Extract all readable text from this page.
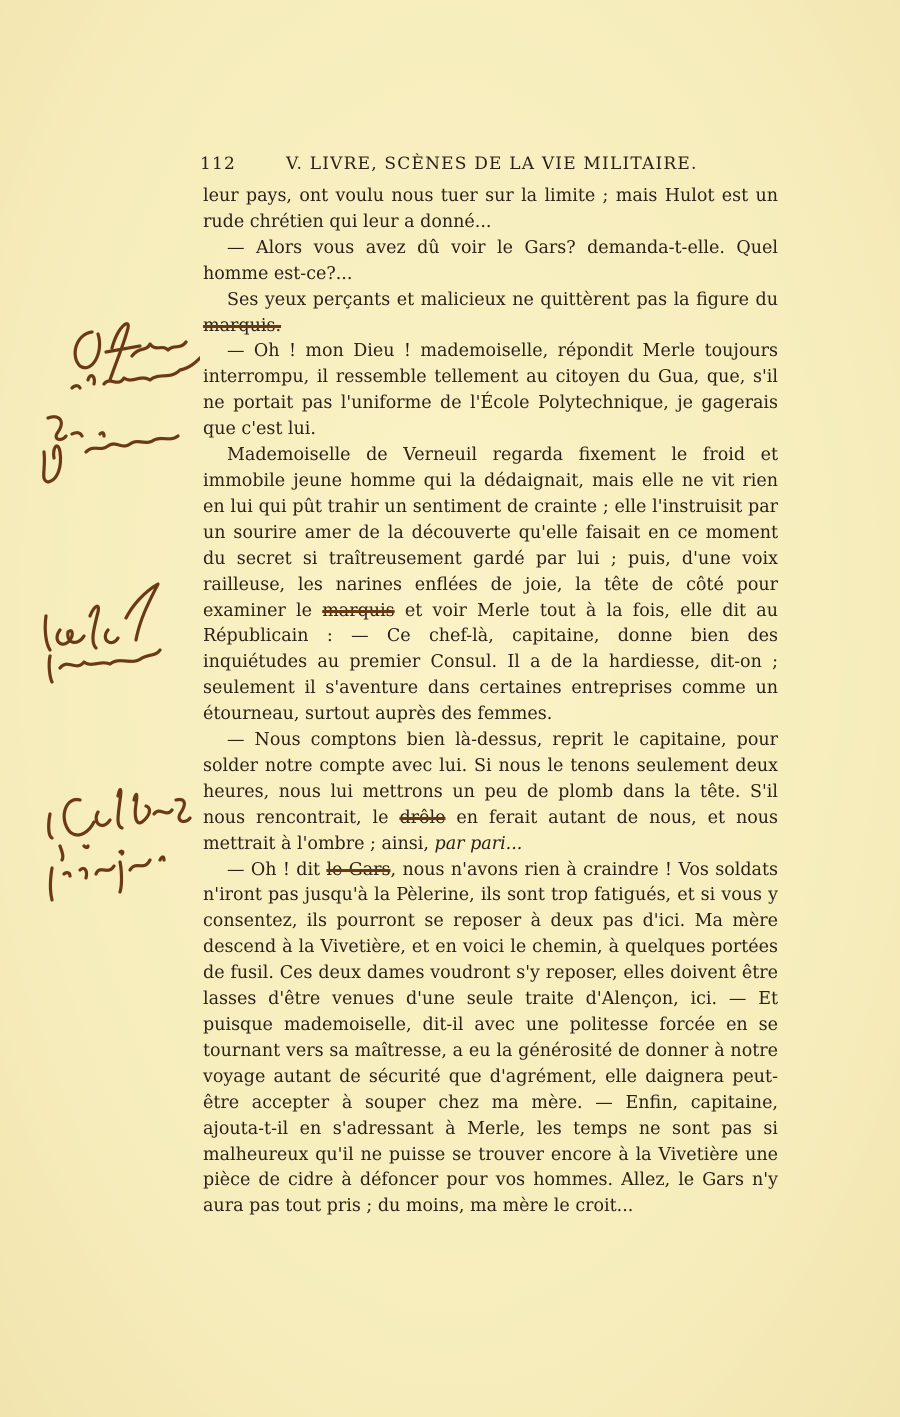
112	V. LIVRE, SCÈNES DE LA VIE MILITAIRE.

leur pays, ont voulu nous tuer sur la limite ; mais Hulot est un rude chrétien qui leur a donné...

— Alors vous avez dû voir le Gars? demanda-t-elle. Quel homme est-ce?...

Ses yeux perçants et malicieux ne quittèrent pas la figure du marquis.

— Oh ! mon Dieu ! mademoiselle, répondit Merle toujours interrompu, il ressemble tellement au citoyen du Gua, que, s'il ne portait pas l'uniforme de l'École Polytechnique, je gagerais que c'est lui.

Mademoiselle de Verneuil regarda fixement le froid et immobile jeune homme qui la dédaignait, mais elle ne vit rien en lui qui pût trahir un sentiment de crainte ; elle l'instruisit par un sourire amer de la découverte qu'elle faisait en ce moment du secret si traîtreusement gardé par lui ; puis, d'une voix railleuse, les narines enflées de joie, la tête de côté pour examiner le marquis et voir Merle tout à la fois, elle dit au Républicain : — Ce chef-là, capitaine, donne bien des inquiétudes au premier Consul. Il a de la hardiesse, dit-on ; seulement il s'aventure dans certaines entreprises comme un étourneau, surtout auprès des femmes.

— Nous comptons bien là-dessus, reprit le capitaine, pour solder notre compte avec lui. Si nous le tenons seulement deux heures, nous lui mettrons un peu de plomb dans la tête. S'il nous rencontrait, le drôle en ferait autant de nous, et nous mettrait à l'ombre ; ainsi, par pari...

— Oh ! dit le Gars, nous n'avons rien à craindre ! Vos soldats n'iront pas jusqu'à la Pèlerine, ils sont trop fatigués, et si vous y consentez, ils pourront se reposer à deux pas d'ici. Ma mère descend à la Vivetière, et en voici le chemin, à quelques portées de fusil. Ces deux dames voudront s'y reposer, elles doivent être lasses d'être venues d'une seule traite d'Alençon, ici. — Et puisque mademoiselle, dit-il avec une politesse forcée en se tournant vers sa maîtresse, a eu la générosité de donner à notre voyage autant de sécurité que d'agrément, elle daignera peut-être accepter à souper chez ma mère. — Enfin, capitaine, ajouta-t-il en s'adressant à Merle, les temps ne sont pas si malheureux qu'il ne puisse se trouver encore à la Vivetière une pièce de cidre à défoncer pour vos hommes. Allez, le Gars n'y aura pas tout pris ; du moins, ma mère le croit...
